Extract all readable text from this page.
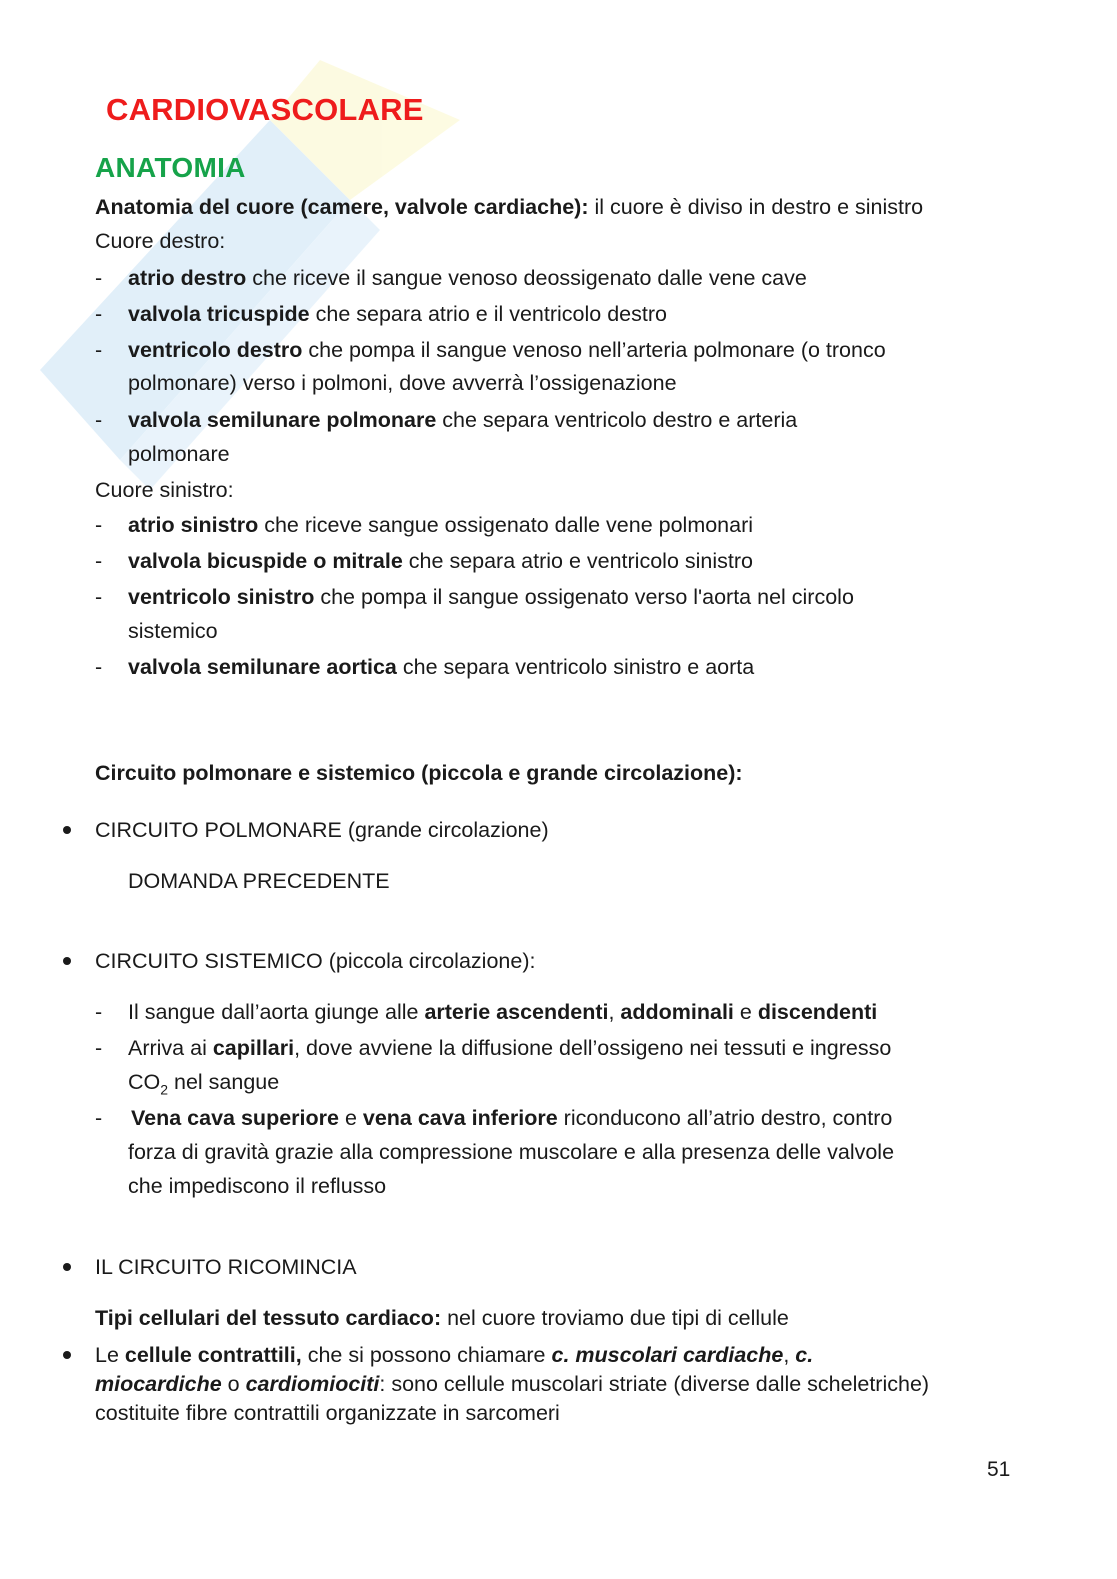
CARDIOVASCOLARE
ANATOMIA
Anatomia del cuore (camere, valvole cardiache): il cuore è diviso in destro e sinistro
Cuore destro:
- atrio destro che riceve il sangue venoso deossigenato dalle vene cave
- valvola tricuspide che separa atrio e il ventricolo destro
- ventricolo destro che pompa il sangue venoso nell’arteria polmonare (o tronco
polmonare) verso i polmoni, dove avverrà l’ossigenazione
- valvola semilunare polmonare che separa ventricolo destro e arteria
polmonare
Cuore sinistro:
- atrio sinistro che riceve sangue ossigenato dalle vene polmonari
- valvola bicuspide o mitrale che separa atrio e ventricolo sinistro
- ventricolo sinistro che pompa il sangue ossigenato verso l'aorta nel circolo
sistemico
- valvola semilunare aortica che separa ventricolo sinistro e aorta
Circuito polmonare e sistemico (piccola e grande circolazione):
CIRCUITO POLMONARE (grande circolazione)
DOMANDA PRECEDENTE
CIRCUITO SISTEMICO (piccola circolazione):
- Il sangue dall’aorta giunge alle arterie ascendenti, addominali e discendenti
- Arriva ai capillari, dove avviene la diffusione dell’ossigeno nei tessuti e ingresso
$CO_2$ nel sangue
- Vena cava superiore e vena cava inferiore riconducono all’atrio destro, contro
forza di gravità grazie alla compressione muscolare e alla presenza delle valvole
che impediscono il reflusso
IL CIRCUITO RICOMINCIA
Tipi cellulari del tessuto cardiaco: nel cuore troviamo due tipi di cellule
Le cellule contrattili, che si possono chiamare c. muscolari cardiache, c.
miocardiche o cardiomiociti: sono cellule muscolari striate (diverse dalle scheletriche)
costituite fibre contrattili organizzate in sarcomeri
51
